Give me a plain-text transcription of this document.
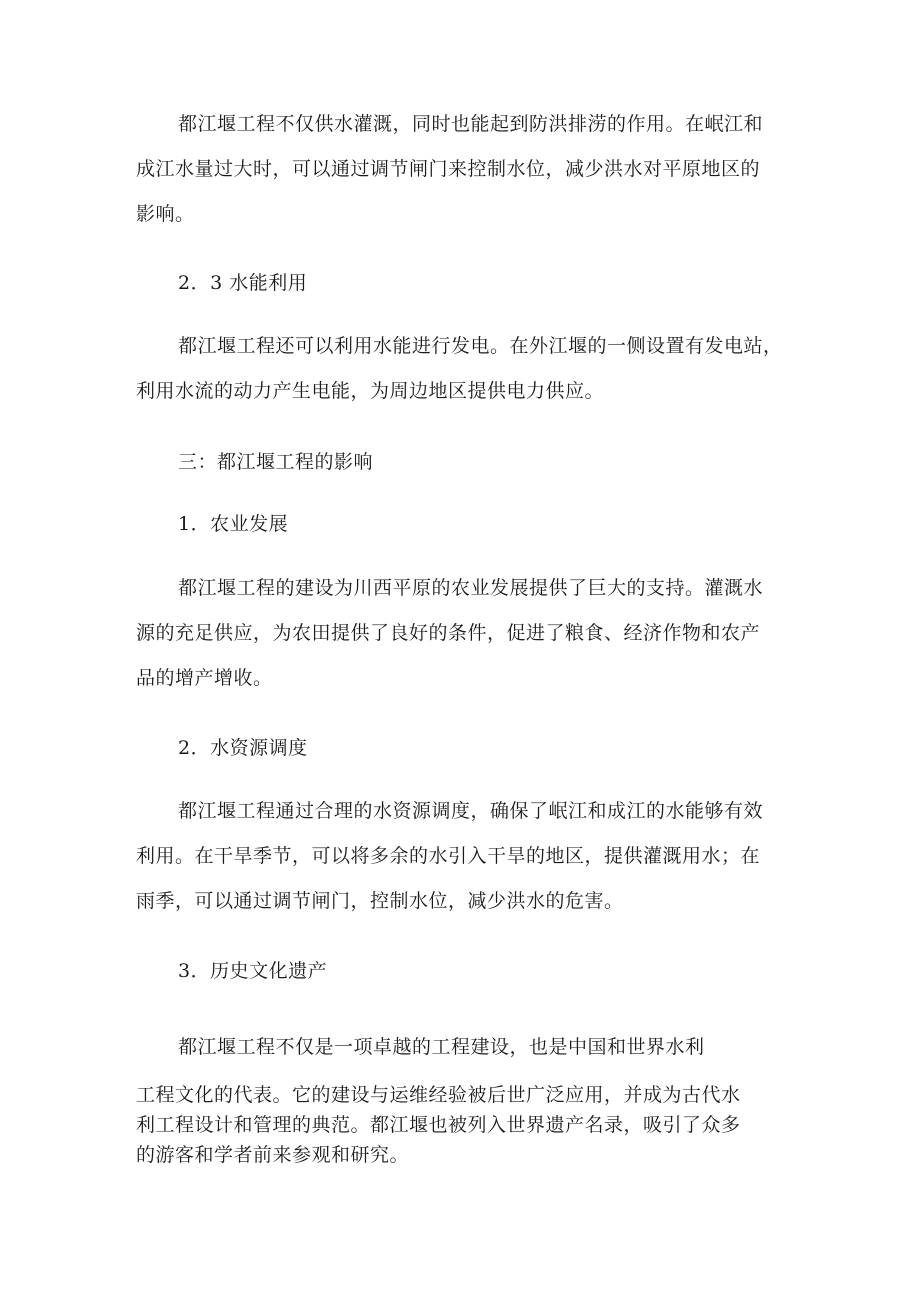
都江堰工程不仅供水灌溉，同时也能起到防洪排涝的作用。在岷江和
成江水量过大时，可以通过调节闸门来控制水位，减少洪水对平原地区的
影响。
2．3 水能利用
都江堰工程还可以利用水能进行发电。在外江堰的一侧设置有发电站，
利用水流的动力产生电能，为周边地区提供电力供应。
三：都江堰工程的影响
1．农业发展
都江堰工程的建设为川西平原的农业发展提供了巨大的支持。灌溉水
源的充足供应，为农田提供了良好的条件，促进了粮食、经济作物和农产
品的增产增收。
2．水资源调度
都江堰工程通过合理的水资源调度，确保了岷江和成江的水能够有效
利用。在干旱季节，可以将多余的水引入干旱的地区，提供灌溉用水；在
雨季，可以通过调节闸门，控制水位，减少洪水的危害。
3．历史文化遗产
都江堰工程不仅是一项卓越的工程建设，也是中国和世界水利
工程文化的代表。它的建设与运维经验被后世广泛应用，并成为古代水
利工程设计和管理的典范。都江堰也被列入世界遗产名录，吸引了众多
的游客和学者前来参观和研究。
